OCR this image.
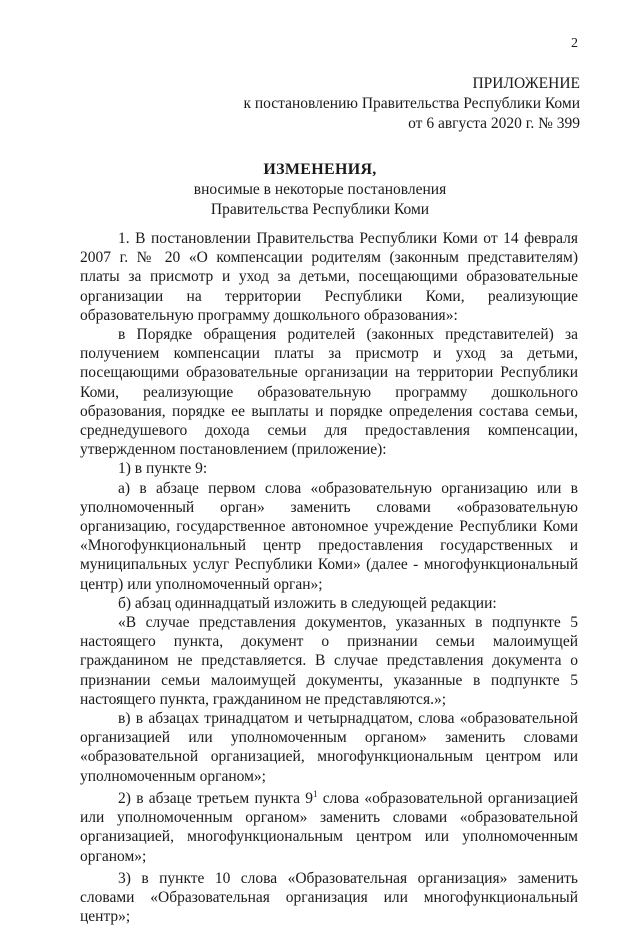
2
ПРИЛОЖЕНИЕ
к постановлению Правительства Республики Коми
от 6 августа 2020 г. № 399
ИЗМЕНЕНИЯ,
вносимые в некоторые постановления
Правительства Республики Коми

1. В постановлении Правительства Республики Коми от 14 февраля 2007 г. № 20 «О компенсации родителям (законным представителям) платы за присмотр и уход за детьми, посещающими образовательные организации на территории Республики Коми, реализующие образовательную программу дошкольного образования»:

в Порядке обращения родителей (законных представителей) за получением компенсации платы за присмотр и уход за детьми, посещающими образовательные организации на территории Республики Коми, реализующие образовательную программу дошкольного образования, порядке ее выплаты и порядке определения состава семьи, среднедушевого дохода семьи для предоставления компенсации, утвержденном постановлением (приложение):

1) в пункте 9:

а) в абзаце первом слова «образовательную организацию или в уполномоченный орган» заменить словами «образовательную организацию, государственное автономное учреждение Республики Коми «Многофункциональный центр предоставления государственных и муниципальных услуг Республики Коми» (далее - многофункциональный центр) или уполномоченный орган»;

б) абзац одиннадцатый изложить в следующей редакции:

«В случае представления документов, указанных в подпункте 5 настоящего пункта, документ о признании семьи малоимущей гражданином не представляется. В случае представления документа о признании семьи малоимущей документы, указанные в подпункте 5 настоящего пункта, гражданином не представляются.»;

в) в абзацах тринадцатом и четырнадцатом, слова «образовательной организацией или уполномоченным органом» заменить словами «образовательной организацией, многофункциональным центром или уполномоченным органом»;

2) в абзаце третьем пункта $9^1$ слова «образовательной организацией или уполномоченным органом» заменить словами «образовательной организацией, многофункциональным центром или уполномоченным органом»;

3) в пункте 10 слова «Образовательная организация» заменить словами «Образовательная организация или многофункциональный центр»;
